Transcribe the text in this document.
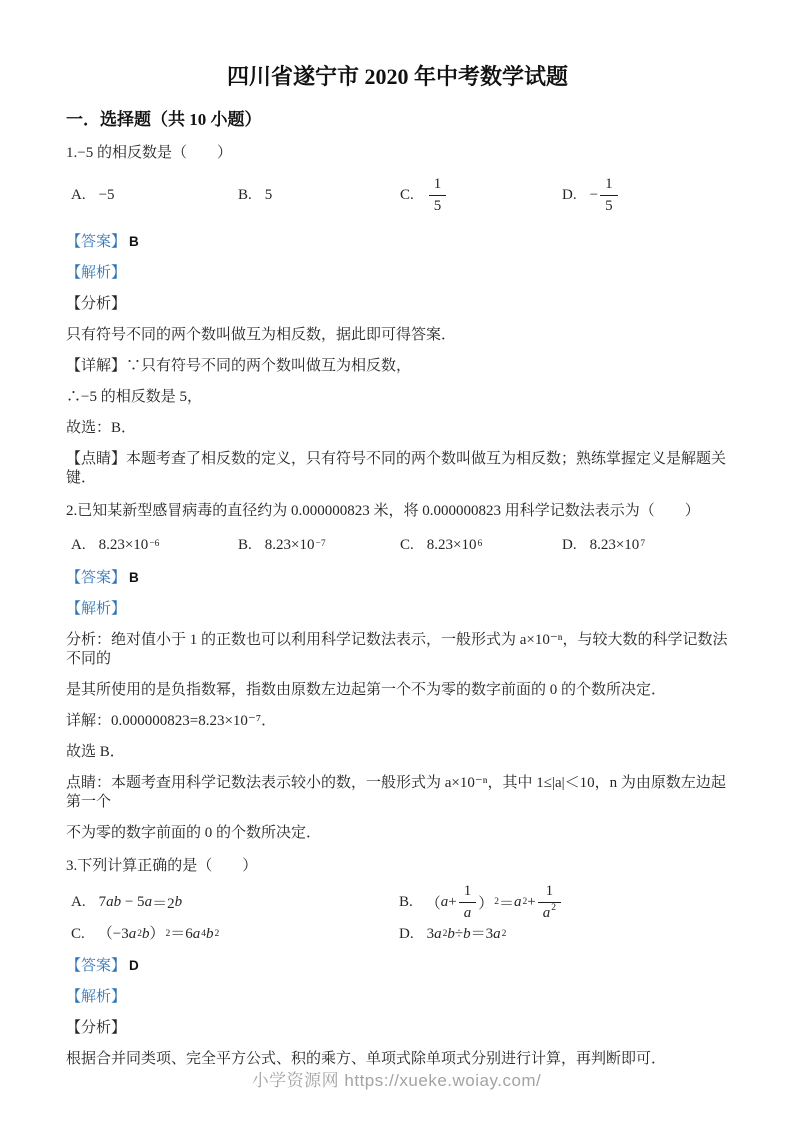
四川省遂宁市 2020 年中考数学试题
一．选择题（共 10 小题）

1.−5 的相反数是（　　）

A. −5	B. 5	C. $\frac{1}{5}$	D. − $\frac{1}{5}$

【答案】 B

【解析】

【分析】

只有符号不同的两个数叫做互为相反数，据此即可得答案．

【详解】∵只有符号不同的两个数叫做互为相反数，

∴−5 的相反数是 5，

故选：B．

【点睛】本题考查了相反数的定义，只有符号不同的两个数叫做互为相反数；熟练掌握定义是解题关键．

2.已知某新型感冒病毒的直径约为 0.000000823 米，将 0.000000823 用科学记数法表示为（　　）

A. $8.23\times 10^{-6}$	B. $8.23\times 10^{-7}$	C. $8.23\times 10^6$	D. $8.23\times 10^7$

【答案】 B

【解析】

分析：绝对值小于 1 的正数也可以利用科学记数法表示，一般形式为 a×10⁻ⁿ，与较大数的科学记数法不同的

是其所使用的是负指数幂，指数由原数左边起第一个不为零的数字前面的 0 的个数所决定．

详解：0.000000823=8.23×10⁻⁷．

故选 B．

点睛：本题考查用科学记数法表示较小的数，一般形式为 a×10⁻ⁿ，其中 1≤|a|＜10，n 为由原数左边起第一个

不为零的数字前面的 0 的个数所决定．

3.下列计算正确的是（　　）

A. 7 ab − 5 a ＝2 b	B. （ $a + \frac{1}{a} )^2 = a^2 + \frac{1}{a^2}$
C. （−3 $a^2$ b ）$^2$ ＝6 $a^4$ $b^2$	D. 3 $a^2$ b ÷ b ＝3 $a^2$

【答案】 D

【解析】

【分析】

根据合并同类项、完全平方公式、积的乘方、单项式除单项式分别进行计算，再判断即可．

小学资源网 https://xueke.woiay.com/
